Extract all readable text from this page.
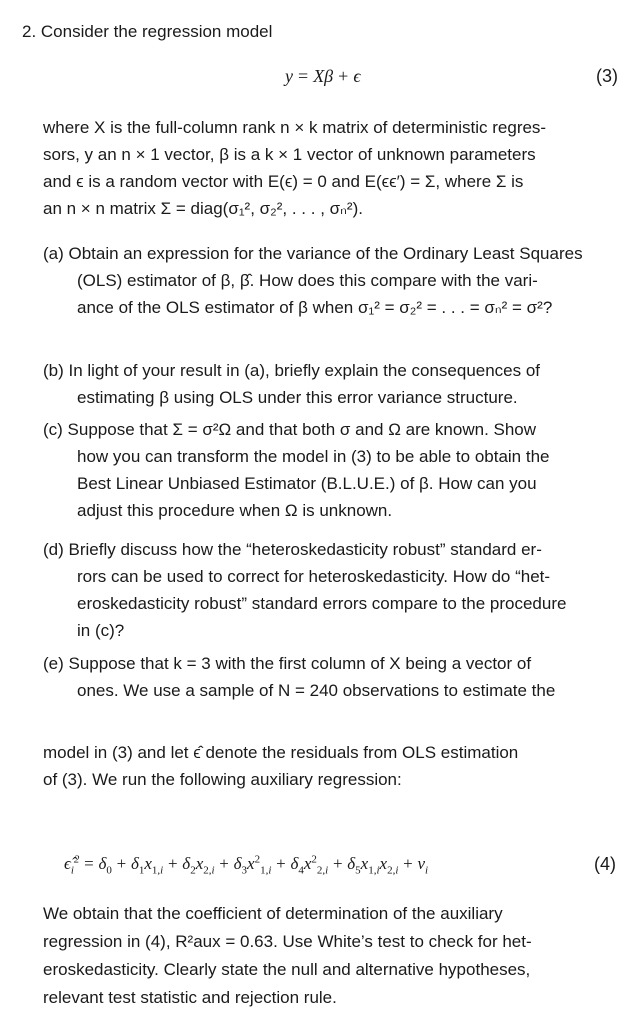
2. Consider the regression model
y = Xβ + ϵ	(3)
where X is the full-column rank n × k matrix of deterministic regres-
sors, y an n × 1 vector, β is a k × 1 vector of unknown parameters
and ϵ is a random vector with E(ϵ) = 0 and E(ϵϵ′) = Σ, where Σ is
an n × n matrix Σ = diag(σ₁², σ₂², . . . , σₙ²).
(a) Obtain an expression for the variance of the Ordinary Least Squares
(OLS) estimator of β, β̂. How does this compare with the vari-
ance of the OLS estimator of β when σ₁² = σ₂² = . . . = σₙ² = σ²?
(b) In light of your result in (a), briefly explain the consequences of
estimating β using OLS under this error variance structure.
(c) Suppose that Σ = σ²Ω and that both σ and Ω are known. Show
how you can transform the model in (3) to be able to obtain the
Best Linear Unbiased Estimator (B.L.U.E.) of β. How can you
adjust this procedure when Ω is unknown.
(d) Briefly discuss how the “heteroskedasticity robust” standard er-
rors can be used to correct for heteroskedasticity. How do “het-
eroskedasticity robust” standard errors compare to the procedure
in (c)?
(e) Suppose that k = 3 with the first column of X being a vector of
ones. We use a sample of N = 240 observations to estimate the
model in (3) and let ϵ̂ denote the residuals from OLS estimation
of (3). We run the following auxiliary regression:
$\epsilon̂_i^2 = \delta_0 + \delta_1x_{1,i} + \delta_2x_{2,i} + \delta_3x^2_{1,i} + \delta_4x^2_{2,i} + \delta_5x_{1,i}x_{2,i} + \nu_i$	(4)
We obtain that the coefficient of determination of the auxiliary
regression in (4), R²aux = 0.63. Use White’s test to check for het-
eroskedasticity. Clearly state the null and alternative hypotheses,
relevant test statistic and rejection rule.
